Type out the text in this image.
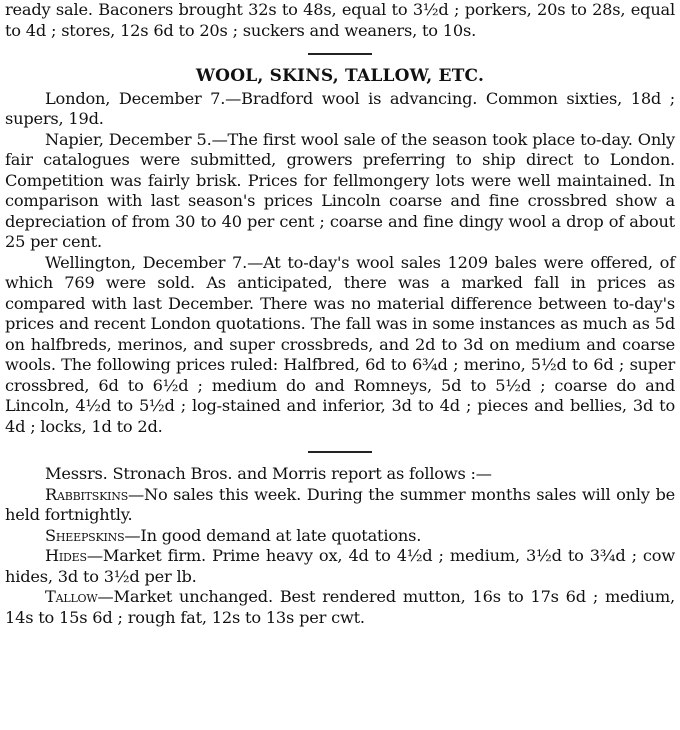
ready sale. Baconers brought 32s to 48s, equal to 3½d ; porkers, 20s to 28s, equal to 4d ; stores, 12s 6d to 20s ; suckers and weaners, to 10s.

WOOL, SKINS, TALLOW, ETC.

London, December 7.—Bradford wool is advancing. Common sixties, 18d ; supers, 19d.

Napier, December 5.—The first wool sale of the season took place to-day. Only fair catalogues were submitted, growers preferring to ship direct to London. Competition was fairly brisk. Prices for fellmongery lots were well maintained. In comparison with last season's prices Lincoln coarse and fine crossbred show a depreciation of from 30 to 40 per cent ; coarse and fine dingy wool a drop of about 25 per cent.

Wellington, December 7.—At to-day's wool sales 1209 bales were offered, of which 769 were sold. As anticipated, there was a marked fall in prices as compared with last December. There was no material difference between to-day's prices and recent London quotations. The fall was in some instances as much as 5d on halfbreds, merinos, and super crossbreds, and 2d to 3d on medium and coarse wools. The following prices ruled: Halfbred, 6d to 6¾d ; merino, 5½d to 6d ; super crossbred, 6d to 6½d ; medium do and Romneys, 5d to 5½d ; coarse do and Lincoln, 4½d to 5½d ; log-stained and inferior, 3d to 4d ; pieces and bellies, 3d to 4d ; locks, 1d to 2d.

Messrs. Stronach Bros. and Morris report as follows :—

Rabbitskins—No sales this week. During the summer months sales will only be held fortnightly.

Sheepskins—In good demand at late quotations.

Hides—Market firm. Prime heavy ox, 4d to 4½d ; medium, 3½d to 3¾d ; cow hides, 3d to 3½d per lb.

Tallow—Market unchanged. Best rendered mutton, 16s to 17s 6d ; medium, 14s to 15s 6d ; rough fat, 12s to 13s per cwt.
